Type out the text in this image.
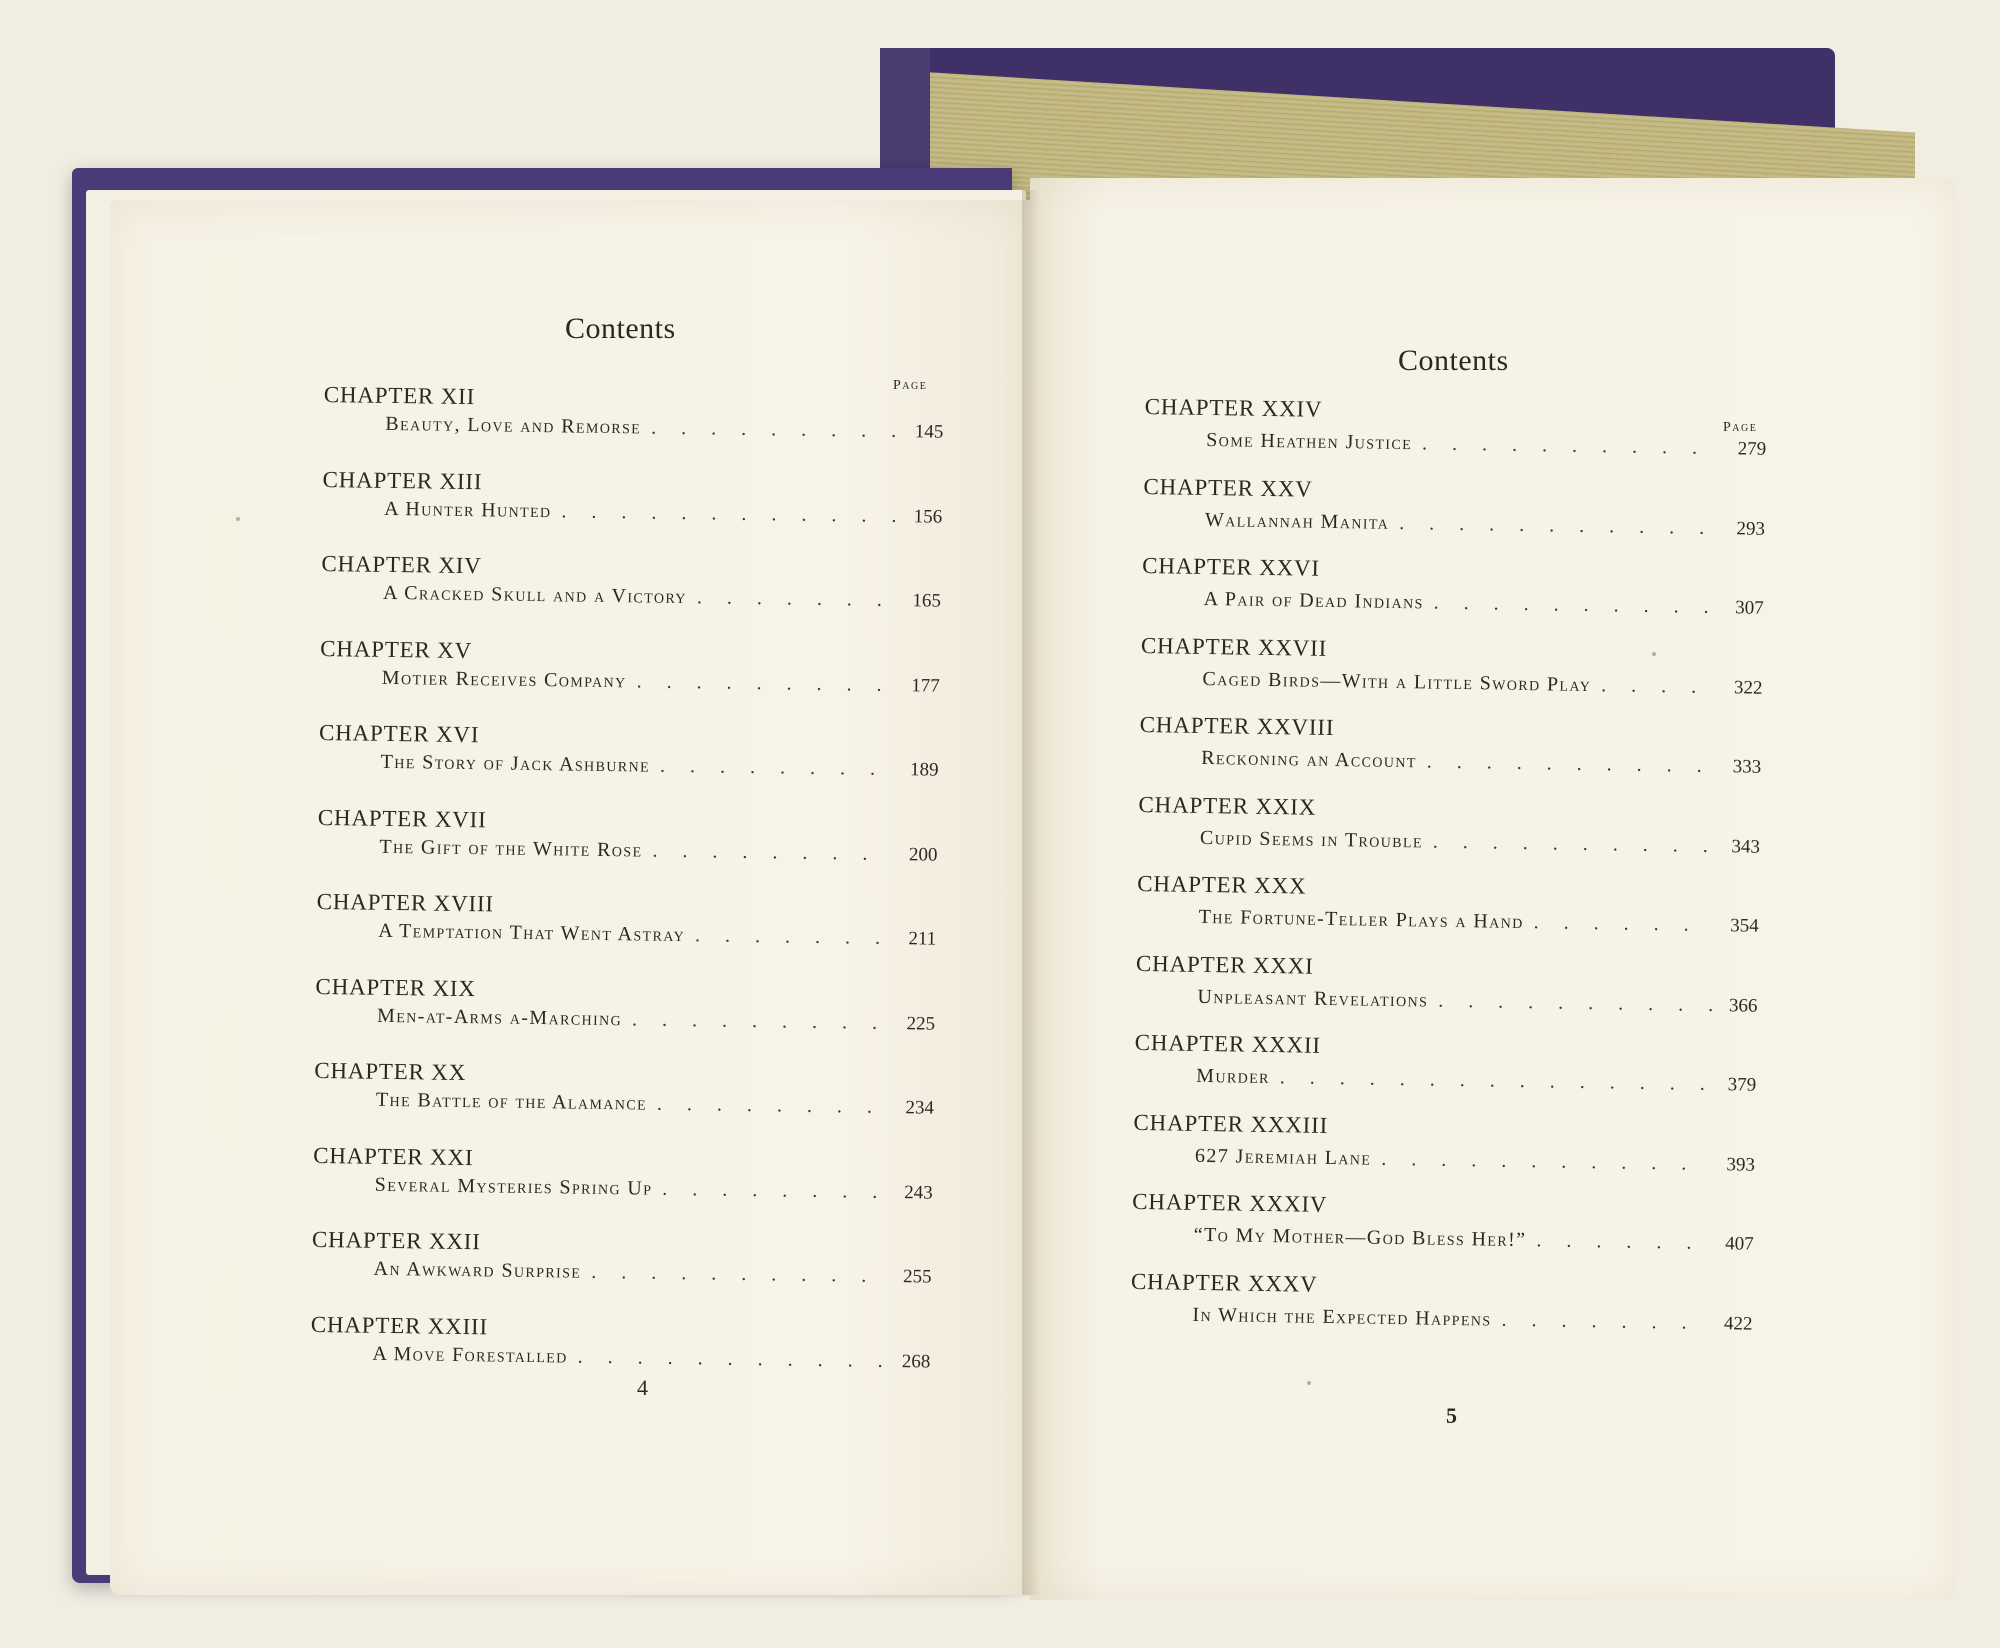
Contents
Page
CHAPTER XII
Beauty, Love and Remorse . . .	145
CHAPTER XIII
A Hunter Hunted . . .	156
CHAPTER XIV
A Cracked Skull and a Victory . . .	165
CHAPTER XV
Motier Receives Company . . .	177
CHAPTER XVI
The Story of Jack Ashburne . . .	189
CHAPTER XVII
The Gift of the White Rose . . .	200
CHAPTER XVIII
A Temptation That Went Astray . . .	211
CHAPTER XIX
Men-at-Arms a-Marching . . .	225
CHAPTER XX
The Battle of the Alamance . . .	234
CHAPTER XXI
Several Mysteries Spring Up . . .	243
CHAPTER XXII
An Awkward Surprise . . .	255
CHAPTER XXIII
A Move Forestalled . . .	268
4
Contents
Page
CHAPTER XXIV
Some Heathen Justice . . .	279
CHAPTER XXV
Wallannah Manita . . .	293
CHAPTER XXVI
A Pair of Dead Indians . . .	307
CHAPTER XXVII
Caged Birds—With a Little Sword Play . . .	322
CHAPTER XXVIII
Reckoning an Account . . .	333
CHAPTER XXIX
Cupid Seems in Trouble . . .	343
CHAPTER XXX
The Fortune-Teller Plays a Hand . . .	354
CHAPTER XXXI
Unpleasant Revelations . . .	366
CHAPTER XXXII
Murder . . .	379
CHAPTER XXXIII
627 Jeremiah Lane . . .	393
CHAPTER XXXIV
“To My Mother—God Bless Her!” . . .	407
CHAPTER XXXV
In Which the Expected Happens . . .	422
5
